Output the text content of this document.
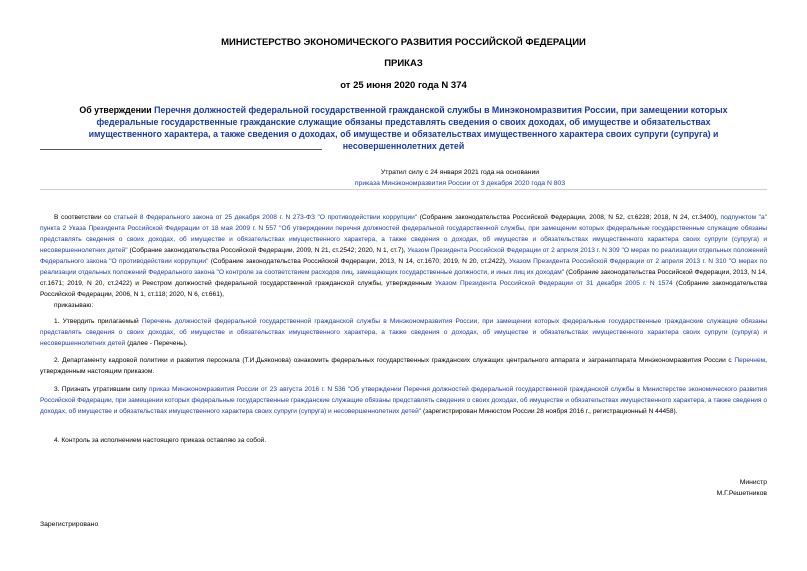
МИНИСТЕРСТВО ЭКОНОМИЧЕСКОГО РАЗВИТИЯ РОССИЙСКОЙ ФЕДЕРАЦИИ
ПРИКАЗ
от 25 июня 2020 года N 374
Об утверждении Перечня должностей федеральной государственной гражданской службы в Минэкономразвития России, при замещении которых федеральные государственные гражданские служащие обязаны представлять сведения о своих доходах, об имуществе и обязательствах имущественного характера, а также сведения о доходах, об имуществе и обязательствах имущественного характера своих супруги (супруга) и несовершеннолетних детей
Утратил силу с 24 января 2021 года на основании
приказа Минэкономразвития России от 3 декабря 2020 года N 803
В соответствии со статьей 8 Федерального закона от 25 декабря 2008 г. N 273-ФЗ "О противодействии коррупции" (Собрание законодательства Российской Федерации, 2008, N 52, ст.6228; 2018, N 24, ст.3400), подпунктом "а" пункта 2 Указа Президента Российской Федерации от 18 мая 2009 г. N 557 "Об утверждении перечня должностей федеральной государственной службы, при замещении которых федеральные государственные служащие обязаны представлять сведения о своих доходах, об имуществе и обязательствах имущественного характера, а также сведения о доходах, об имуществе и обязательствах имущественного характера своих супруги (супруга) и несовершеннолетних детей" (Собрание законодательства Российской Федерации, 2009, N 21, ст.2542; 2020, N 1, ст.7), Указом Президента Российской Федерации от 2 апреля 2013 г. N 309 "О мерах по реализации отдельных положений Федерального закона "О противодействии коррупции" (Собрание законодательства Российской Федерации, 2013, N 14, ст.1670; 2019, N 20, ст.2422), Указом Президента Российской Федерации от 2 апреля 2013 г. N 310 "О мерах по реализации отдельных положений Федерального закона "О контроле за соответствием расходов лиц, замещающих государственные должности, и иных лиц их доходам" (Собрание законодательства Российской Федерации, 2013, N 14, ст.1671; 2019, N 20, ст.2422) и Реестром должностей федеральной государственной гражданской службы, утвержденным Указом Президента Российской Федерации от 31 декабря 2005 г. N 1574 (Собрание законодательства Российской Федерации, 2006, N 1, ст.118; 2020, N 6, ст.661),
приказываю:
1. Утвердить прилагаемый Перечень должностей федеральной государственной гражданской службы в Минэкономразвития России, при замещении которых федеральные государственные гражданские служащие обязаны представлять сведения о своих доходах, об имуществе и обязательствах имущественного характера, а также сведения о доходах, об имуществе и обязательствах имущественного характера своих супруги (супруга) и несовершеннолетних детей (далее - Перечень).
2. Департаменту кадровой политики и развития персонала (Т.И.Дьяконова) ознакомить федеральных государственных гражданских служащих центрального аппарата и загранаппарата Минэкономразвития России с Перечнем, утвержденным настоящим приказом.
3. Признать утратившим силу приказ Минэкономразвития России от 23 августа 2016 г. N 536 "Об утверждении Перечня должностей федеральной государственной гражданской службы в Министерстве экономического развития Российской Федерации, при замещении которых федеральные государственные гражданские служащие обязаны представлять сведения о своих доходах, об имуществе и обязательствах имущественного характера, а также сведения о доходах, об имуществе и обязательствах имущественного характера своих супруги (супруга) и несовершеннолетних детей" (зарегистрирован Минюстом России 28 ноября 2016 г., регистрационный N 44458).
4. Контроль за исполнением настоящего приказа оставляю за собой.
Министр
М.Г.Решетников
Зарегистрировано
